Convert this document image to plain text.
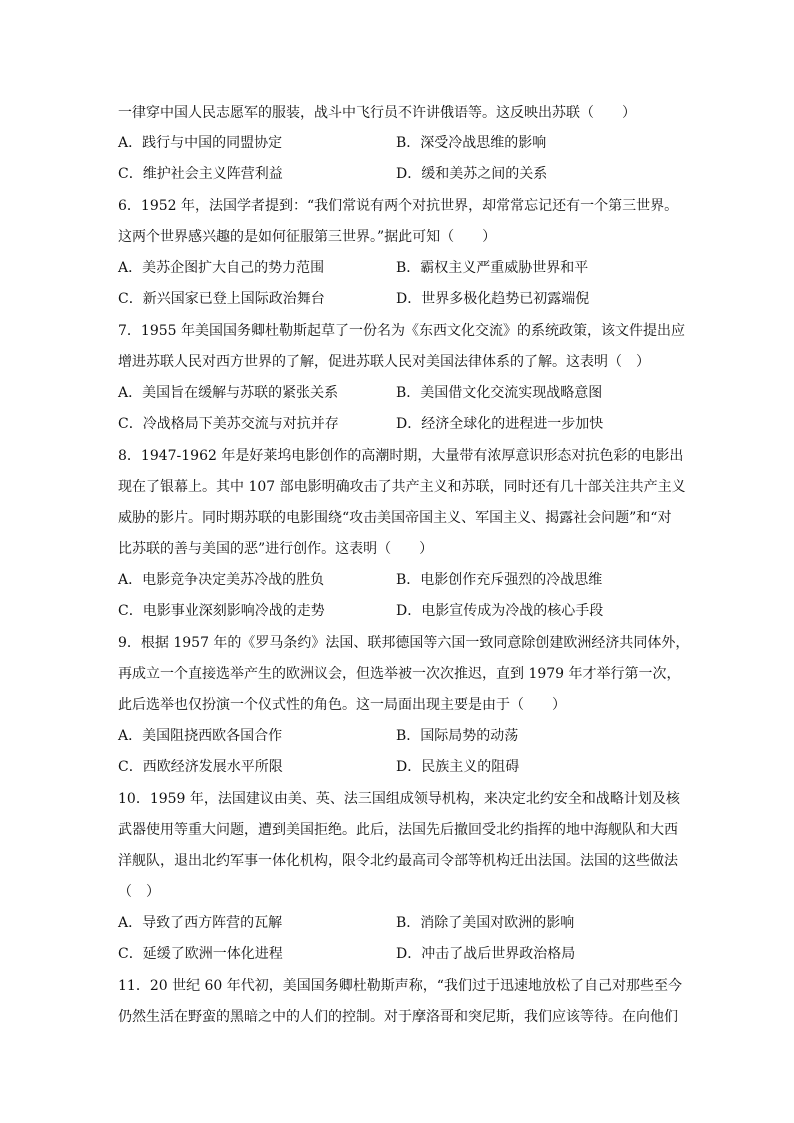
一律穿中国人民志愿军的服装，战斗中飞行员不许讲俄语等。这反映出苏联（　　）
A．践行与中国的同盟协定	B．深受冷战思维的影响
C．维护社会主义阵营利益	D．缓和美苏之间的关系
6．1952 年，法国学者提到：“我们常说有两个对抗世界，却常常忘记还有一个第三世界。
这两个世界感兴趣的是如何征服第三世界。”据此可知（　　）
A．美苏企图扩大自己的势力范围	B．霸权主义严重威胁世界和平
C．新兴国家已登上国际政治舞台	D．世界多极化趋势已初露端倪
7．1955 年美国国务卿杜勒斯起草了一份名为《东西文化交流》的系统政策，该文件提出应
增进苏联人民对西方世界的了解，促进苏联人民对美国法律体系的了解。这表明（　）
A．美国旨在缓解与苏联的紧张关系	B．美国借文化交流实现战略意图
C．冷战格局下美苏交流与对抗并存	D．经济全球化的进程进一步加快
8．1947-1962 年是好莱坞电影创作的高潮时期，大量带有浓厚意识形态对抗色彩的电影出
现在了银幕上。其中 107 部电影明确攻击了共产主义和苏联，同时还有几十部关注共产主义
威胁的影片。同时期苏联的电影围绕“攻击美国帝国主义、军国主义、揭露社会问题”和“对
比苏联的善与美国的恶”进行创作。这表明（　　）
A．电影竞争决定美苏冷战的胜负	B．电影创作充斥强烈的冷战思维
C．电影事业深刻影响冷战的走势	D．电影宣传成为冷战的核心手段
9．根据 1957 年的《罗马条约》法国、联邦德国等六国一致同意除创建欧洲经济共同体外，
再成立一个直接选举产生的欧洲议会，但选举被一次次推迟，直到 1979 年才举行第一次，
此后选举也仅扮演一个仪式性的角色。这一局面出现主要是由于（　　）
A．美国阻挠西欧各国合作	B．国际局势的动荡
C．西欧经济发展水平所限	D．民族主义的阻碍
10．1959 年，法国建议由美、英、法三国组成领导机构，来决定北约安全和战略计划及核
武器使用等重大问题，遭到美国拒绝。此后，法国先后撤回受北约指挥的地中海舰队和大西
洋舰队，退出北约军事一体化机构，限令北约最高司令部等机构迁出法国。法国的这些做法
（　）
A．导致了西方阵营的瓦解	B．消除了美国对欧洲的影响
C．延缓了欧洲一体化进程	D．冲击了战后世界政治格局
11．20 世纪 60 年代初，美国国务卿杜勒斯声称，“我们过于迅速地放松了自己对那些至今
仍然生活在野蛮的黑暗之中的人们的控制。对于摩洛哥和突尼斯，我们应该等待。在向他们
